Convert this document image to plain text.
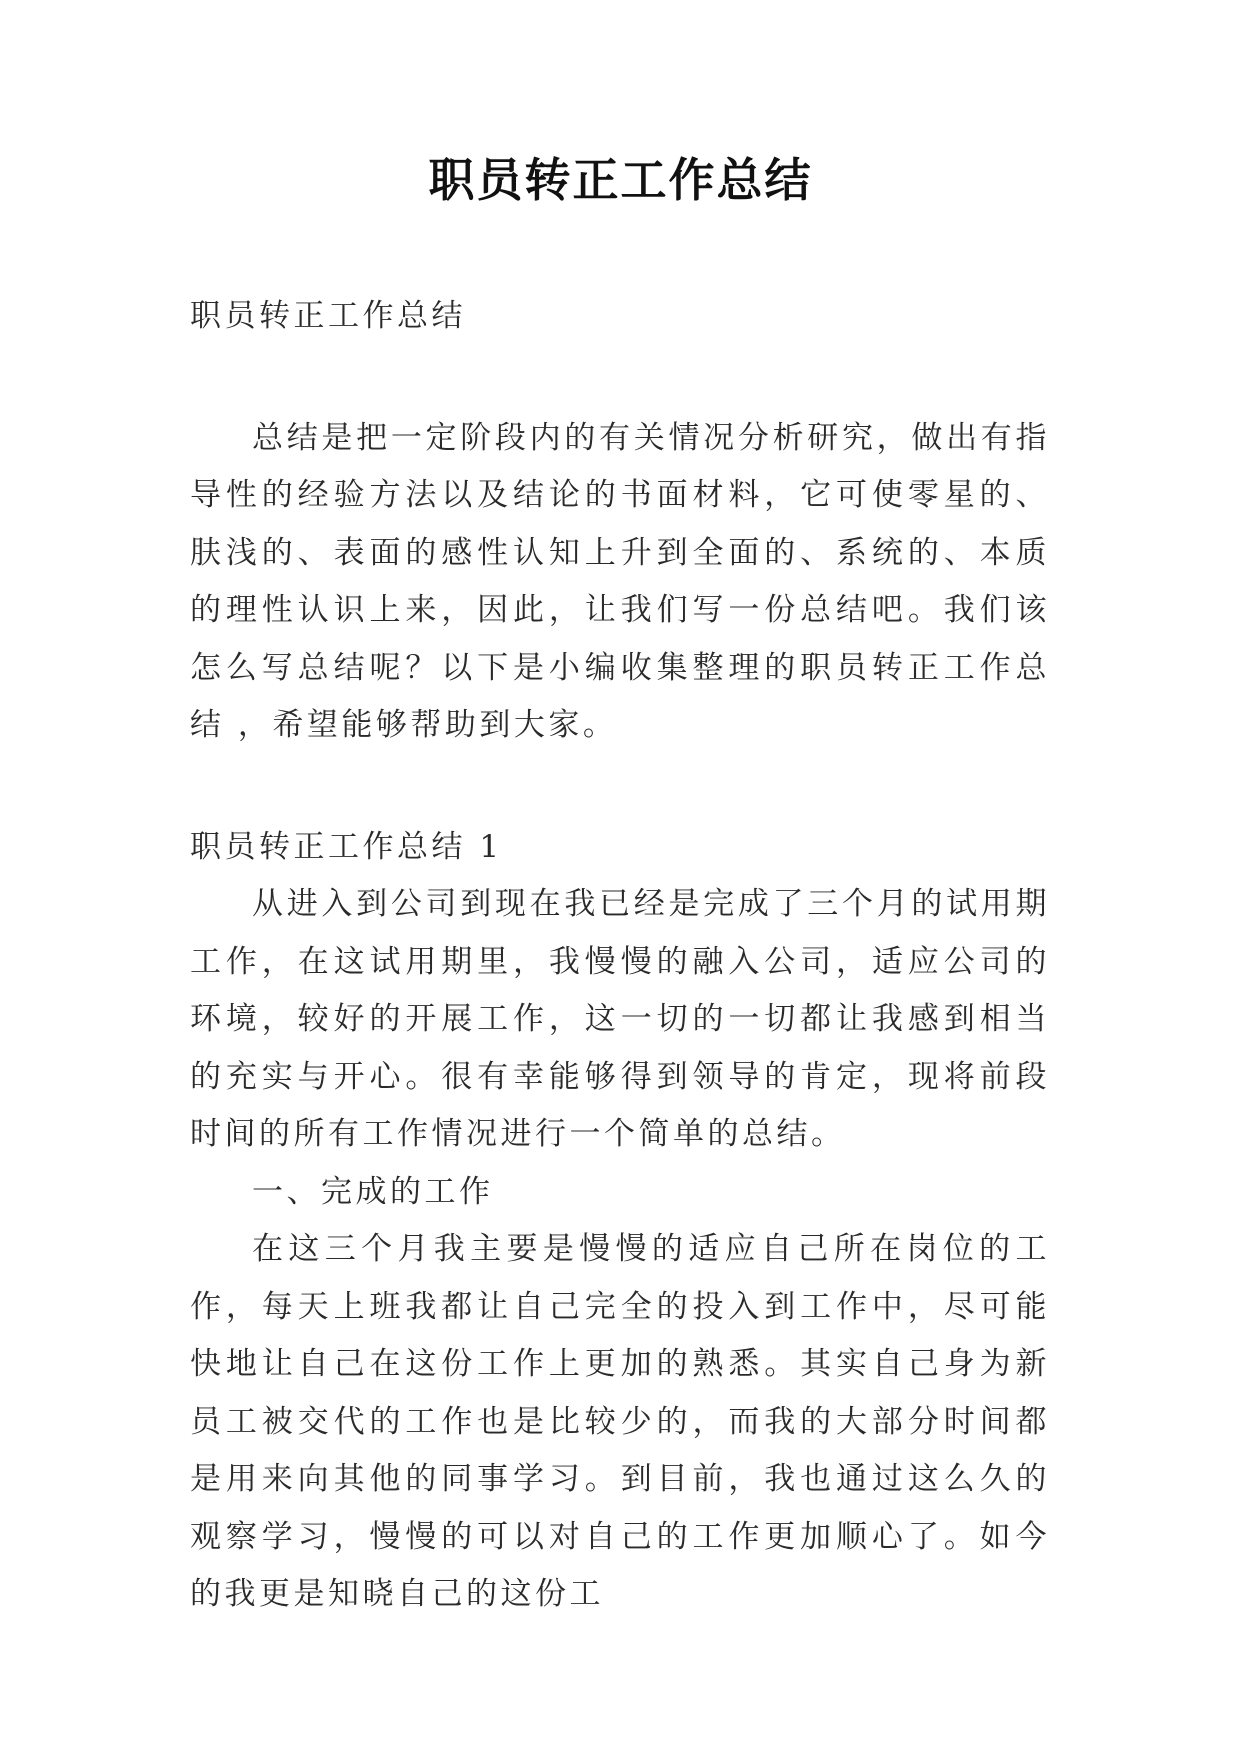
职员转正工作总结

职员转正工作总结

总结是把一定阶段内的有关情况分析研究，做出有指导性的经验方法以及结论的书面材料，它可使零星的、肤浅的、表面的感性认知上升到全面的、系统的、本质的理性认识上来，因此，让我们写一份总结吧。我们该怎么写总结呢？以下是小编收集整理的职员转正工作总结 ，希望能够帮助到大家。

职员转正工作总结 1

从进入到公司到现在我已经是完成了三个月的试用期工作，在这试用期里，我慢慢的融入公司，适应公司的环境，较好的开展工作，这一切的一切都让我感到相当的充实与开心。很有幸能够得到领导的肯定，现将前段时间的所有工作情况进行一个简单的总结。

一、完成的工作

在这三个月我主要是慢慢的适应自己所在岗位的工作，每天上班我都让自己完全的投入到工作中，尽可能快地让自己在这份工作上更加的熟悉。其实自己身为新员工被交代的工作也是比较少的，而我的大部分时间都是用来向其他的同事学习。到目前，我也通过这么久的观察学习，慢慢的可以对自己的工作更加顺心了。如今的我更是知晓自己的这份工
